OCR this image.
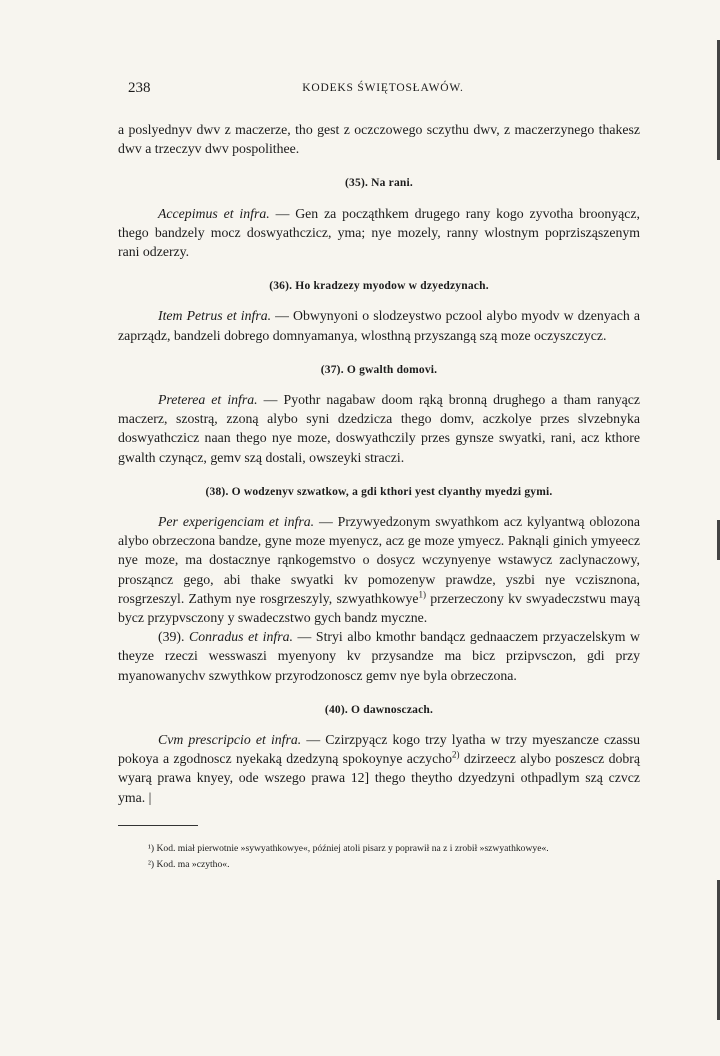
238	KODEKS ŚWIĘTOSŁAWÓW.

a poslyednyv dwv z maczerze, tho gest z oczczowego sczythu dwv, z maczerzynego thakesz dwv a trzeczyv dwv pospolithee.

(35). Na rani.

Accepimus et infra. — Gen za począthkem drugego rany kogo zyvotha broonyącz, thego bandzely mocz doswyathczicz, yma; nye mozely, ranny wlostnym poprzisząszenym rani odzerzy.

(36). Ho kradzezy myodow w dzyedzynach.

Item Petrus et infra. — Obwynyoni o slodzeystwo pczool alybo myodv w dzenyach a zaprządz, bandzeli dobrego domnyamanya, wlosthną przyszangą szą moze oczyszczycz.

(37). O gwalth domovi.

Preterea et infra. — Pyothr nagabaw doom rąką bronną drughego a tham ranyącz maczerz, szostrą, zzoną alybo syni dzedzicza thego domv, aczkolye przes slvzebnyka doswyathczicz naan thego nye moze, doswyathczily przes gynsze swyatki, rani, acz kthore gwalth czynącz, gemv szą dostali, owszeyki straczi.

(38). O wodzenyv szwatkow, a gdi kthori yest clyanthy myedzi gymi.

Per experigenciam et infra. — Przywyedzonym swyathkom acz kylyantwą oblozona alybo obrzeczona bandze, gyne moze myenycz, acz ge moze ymyecz. Paknąli ginich ymyeecz nye moze, ma dostacznye rąnkogemstvo o dosycz wczynyenye wstawycz zaclynaczowy, prosząncz gego, abi thake swyatki kv pomozenyw prawdze, yszbi nye vczisznona, rosgrzeszyl. Zathym nye rosgrzeszyly, szwyathkowye$^{1)}$ przerzeczony kv swyadeczstwu mayą bycz przypvsczony y swadeczstwo gych bandz myczne.

(39). Conradus et infra. — Stryi albo kmothr bandącz gednaaczem przyaczelskym w theyze rzeczi wesswaszi myenyony kv przysandze ma bicz przipvsczon, gdi przy myanowanychv szwythkow przyrodzonoscz gemv nye byla obrzeczona.

(40). O dawnosczach.

Cvm prescripcio et infra. — Czirzpyącz kogo trzy lyatha w trzy myeszancze czassu pokoya a zgodnoscz nyekaką dzedzyną spokoynye aczycho$^{2)}$ dzirzeecz alybo poszescz dobrą wyarą prawa knyey, ode wszego prawa 12] thego theytho dzyedzyni othpadlym szą czvcz yma. |

¹) Kod. miał pierwotnie »sywyathkowye«, później atoli pisarz y poprawił na z i zrobił »szwyathkowye«.

²) Kod. ma »czytho«.
